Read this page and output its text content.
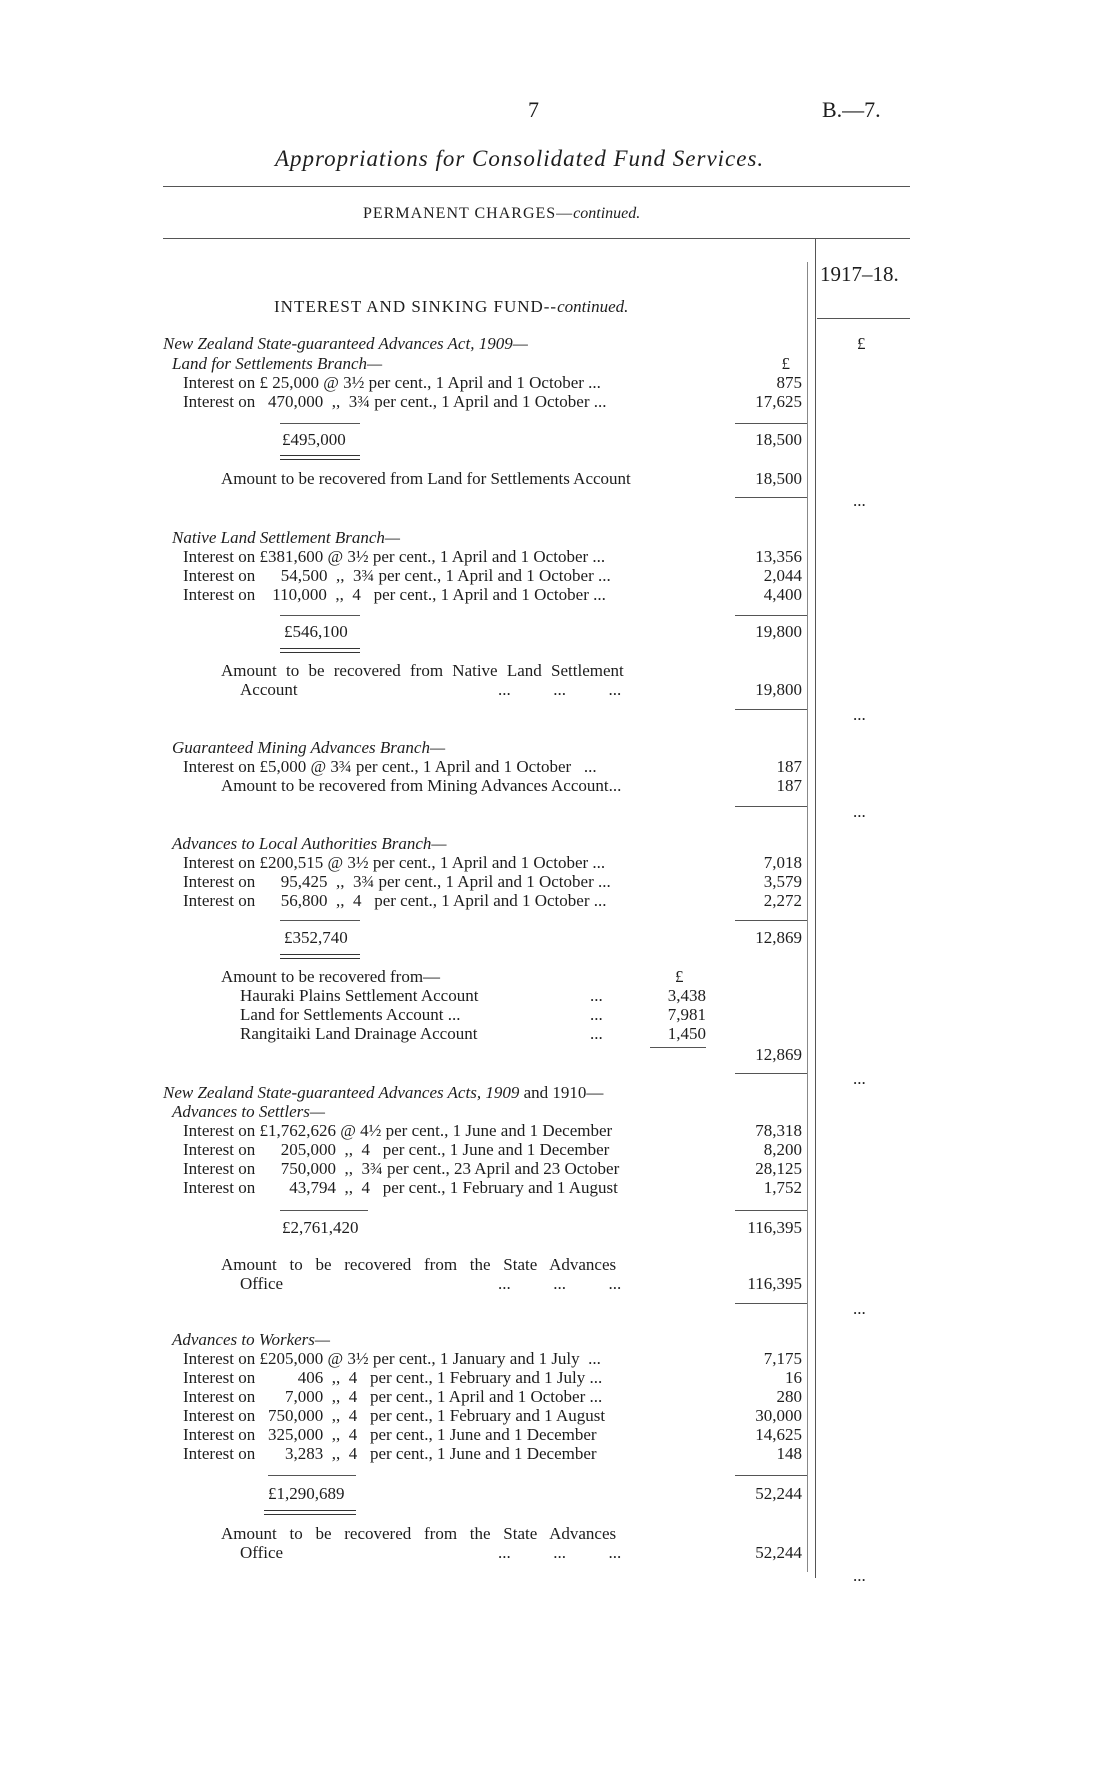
7	B.—7.
Appropriations for Consolidated Fund Services.
PERMANENT CHARGES—continued.
1917–18.
£
INTEREST AND SINKING FUND--continued.
New Zealand State-guaranteed Advances Act, 1909—
Land for Settlements Branch—	£
Interest on £ 25,000 @ 3½ per cent., 1 April and 1 October ...	875
Interest on   470,000  ,,  3¾ per cent., 1 April and 1 October ...	17,625
£495,000	18,500
Amount to be recovered from Land for Settlements Account	18,500
...
Native Land Settlement Branch—
Interest on £381,600 @ 3½ per cent., 1 April and 1 October ...	13,356
Interest on      54,500  ,,  3¾ per cent., 1 April and 1 October ...	2,044
Interest on    110,000  ,,  4   per cent., 1 April and 1 October ...	4,400
£546,100	19,800
Amount to be recovered from Native Land Settlement
Account	...          ...          ...	19,800
...
Guaranteed Mining Advances Branch—
Interest on £5,000 @ 3¾ per cent., 1 April and 1 October   ...	187
Amount to be recovered from Mining Advances Account...	187
...
Advances to Local Authorities Branch—
Interest on £200,515 @ 3½ per cent., 1 April and 1 October ...	7,018
Interest on      95,425  ,,  3¾ per cent., 1 April and 1 October ...	3,579
Interest on      56,800  ,,  4   per cent., 1 April and 1 October ...	2,272
£352,740	12,869
Amount to be recovered from—	£
Hauraki Plains Settlement Account	...	3,438
Land for Settlements Account ...	...	7,981
Rangitaiki Land Drainage Account	...	1,450
12,869
...
New Zealand State-guaranteed Advances Acts, 1909 and 1910—
Advances to Settlers—
Interest on £1,762,626 @ 4½ per cent., 1 June and 1 December	78,318
Interest on      205,000  ,,  4   per cent., 1 June and 1 December	8,200
Interest on      750,000  ,,  3¾ per cent., 23 April and 23 October	28,125
Interest on        43,794  ,,  4   per cent., 1 February and 1 August	1,752
£2,761,420	116,395
Amount   to   be   recovered   from   the   State   Advances
Office	...          ...          ...	116,395
...
Advances to Workers—
Interest on £205,000 @ 3½ per cent., 1 January and 1 July  ...	7,175
Interest on          406  ,,  4   per cent., 1 February and 1 July ...	16
Interest on       7,000  ,,  4   per cent., 1 April and 1 October ...	280
Interest on   750,000  ,,  4   per cent., 1 February and 1 August	30,000
Interest on   325,000  ,,  4   per cent., 1 June and 1 December	14,625
Interest on       3,283  ,,  4   per cent., 1 June and 1 December	148
£1,290,689	52,244
Amount   to   be   recovered   from   the   State   Advances
Office	...          ...          ...	52,244
...
